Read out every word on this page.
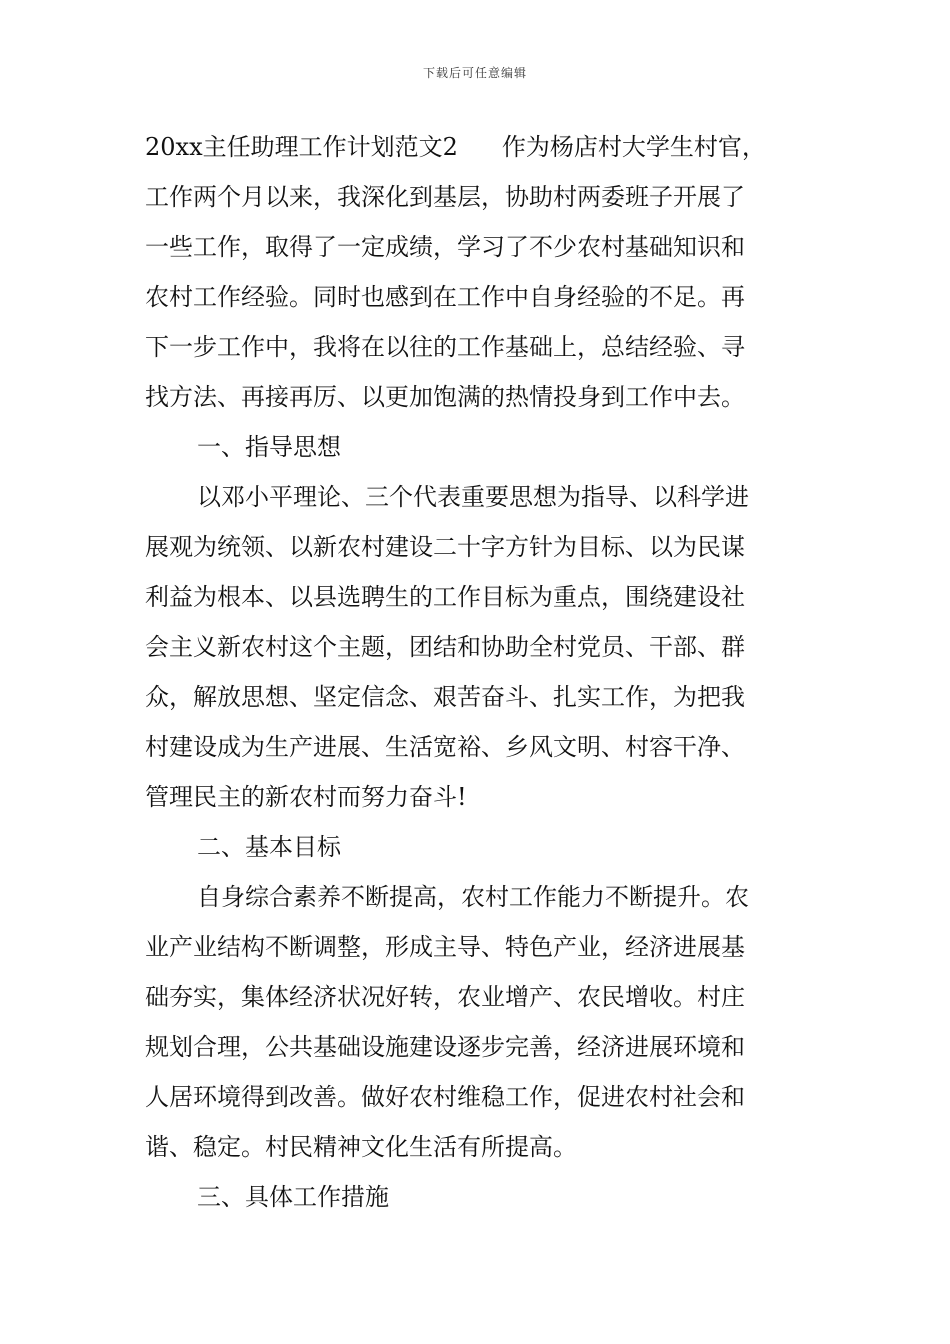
下载后可任意编辑
20xx主任助理工作计划范文2 作为杨店村大学生村官，
工作两个月以来，我深化到基层，协助村两委班子开展了
一些工作，取得了一定成绩，学习了不少农村基础知识和
农村工作经验。同时也感到在工作中自身经验的不足。再
下一步工作中，我将在以往的工作基础上，总结经验、寻
找方法、再接再厉、以更加饱满的热情投身到工作中去。
一、指导思想
以邓小平理论、三个代表重要思想为指导、以科学进
展观为统领、以新农村建设二十字方针为目标、以为民谋
利益为根本、以县选聘生的工作目标为重点，围绕建设社
会主义新农村这个主题，团结和协助全村党员、干部、群
众，解放思想、坚定信念、艰苦奋斗、扎实工作，为把我
村建设成为生产进展、生活宽裕、乡风文明、村容干净、
管理民主的新农村而努力奋斗!
二、基本目标
自身综合素养不断提高，农村工作能力不断提升。农
业产业结构不断调整，形成主导、特色产业，经济进展基
础夯实，集体经济状况好转，农业增产、农民增收。村庄
规划合理，公共基础设施建设逐步完善，经济进展环境和
人居环境得到改善。做好农村维稳工作，促进农村社会和
谐、稳定。村民精神文化生活有所提高。
三、具体工作措施
